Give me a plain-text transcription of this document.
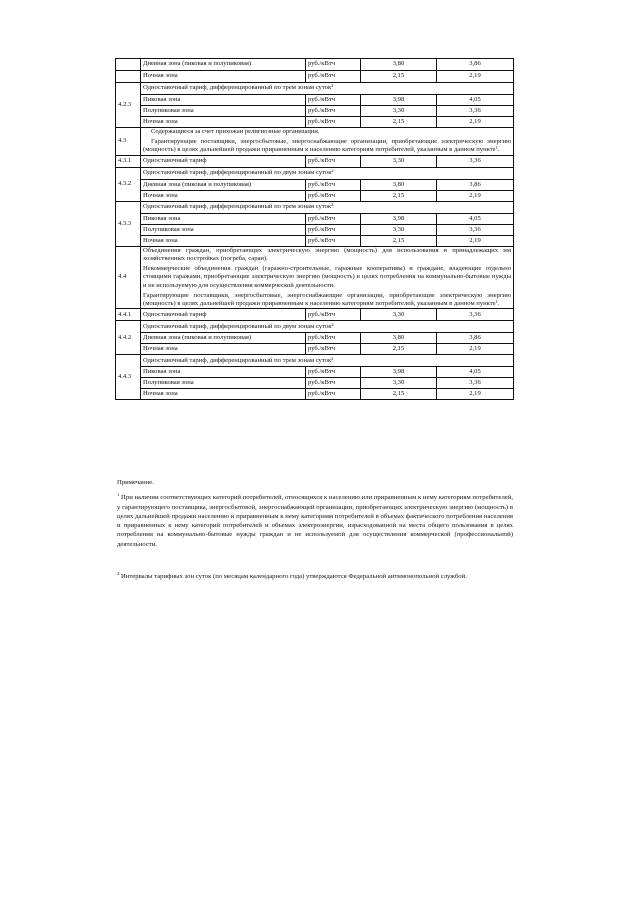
	Дневная зона (пиковая и полупиковая)	руб./кВтч	3,80	3,86
	Ночная зона	руб./кВтч	2,15	2,19
4.2.3	Одноставочный тариф, дифференцированный по трем зонам суток$^2$
	Пиковая зона	руб./кВтч	3,98	4,05
	Полупиковая зона	руб./кВтч	3,30	3,36
	Ночная зона	руб./кВтч	2,15	2,19
4.3	Содержащиеся за счет прихожан религиозные организации.

Гарантирующие поставщики, энергосбытовые, энергоснабжающие организации, приобретающие электрическую энергию (мощность) в целях дальнейшей продажи приравненным к населению категориям потребителей, указанным в данном пункте$^1$.			

4.3.1	Одноставочный тариф	руб./кВтч	3,30	3,36
4.3.2	Одноставочный тариф, дифференцированный по двум зонам суток$^2$
	Дневная зона (пиковая и полупиковая)	руб./кВтч	3,80	3,86
	Ночная зона	руб./кВтч	2,15	2,19
4.3.3	Одноставочный тариф, дифференцированный по трем зонам суток$^2$
	Пиковая зона	руб./кВтч	3,98	4,05
	Полупиковая зона	руб./кВтч	3,30	3,36
	Ночная зона	руб./кВтч	2,15	2,19
4.4	Объединения граждан, приобретающих электрическую энергию (мощность) для использования в принадлежащих им хозяйственных постройках (погреба, сараи).

Некоммерческие объединения граждан (гаражно-строительные, гаражные кооперативы) и граждане, владеющие отдельно стоящими гаражами, приобретающие электрическую энергию (мощность) в целях потребления на коммунально-бытовые нужды и не используемую для осуществления коммерческой деятельности.

Гарантирующие поставщики, энергосбытовые, энергоснабжающие организации, приобретающие электрическую энергию (мощность) в целях дальнейшей продажи приравненным к населению категориям потребителей, указанным в данном пункте$^1$.			

4.4.1	Одноставочный тариф	руб./кВтч	3,30	3,36
4.4.2	Одноставочный тариф, дифференцированный по двум зонам суток$^2$
	Дневная зона (пиковая и полупиковая)	руб./кВтч	3,80	3,86
	Ночная зона	руб./кВтч	2,15	2,19
4.4.3	Одноставочный тариф, дифференцированный по трем зонам суток$^2$
	Пиковая зона	руб./кВтч	3,98	4,05
	Полупиковая зона	руб./кВтч	3,30	3,36
	Ночная зона	руб./кВтч	2,15	2,19

Примечание.

$^1$ При наличии соответствующих категорий потребителей, относящихся к населению или приравненным к нему категориям потребителей, у гарантирующего поставщика, энергосбытовой, энергоснабжающей организации, приобретающих электрическую энергию (мощность) в целях дальнейшей продажи населению и приравненным к нему категориям потребителей в объемах фактического потребления населения и приравненных к нему категорий потребителей и объемах электроэнергии, израсходованной на места общего пользования в целях потребления на коммунально-бытовые нужды граждан и не используемой для осуществления коммерческой (профессиональной) деятельности.

$^2$ Интервалы тарифных зон суток (по месяцам календарного года) утверждаются Федеральной антимонопольной службой.
